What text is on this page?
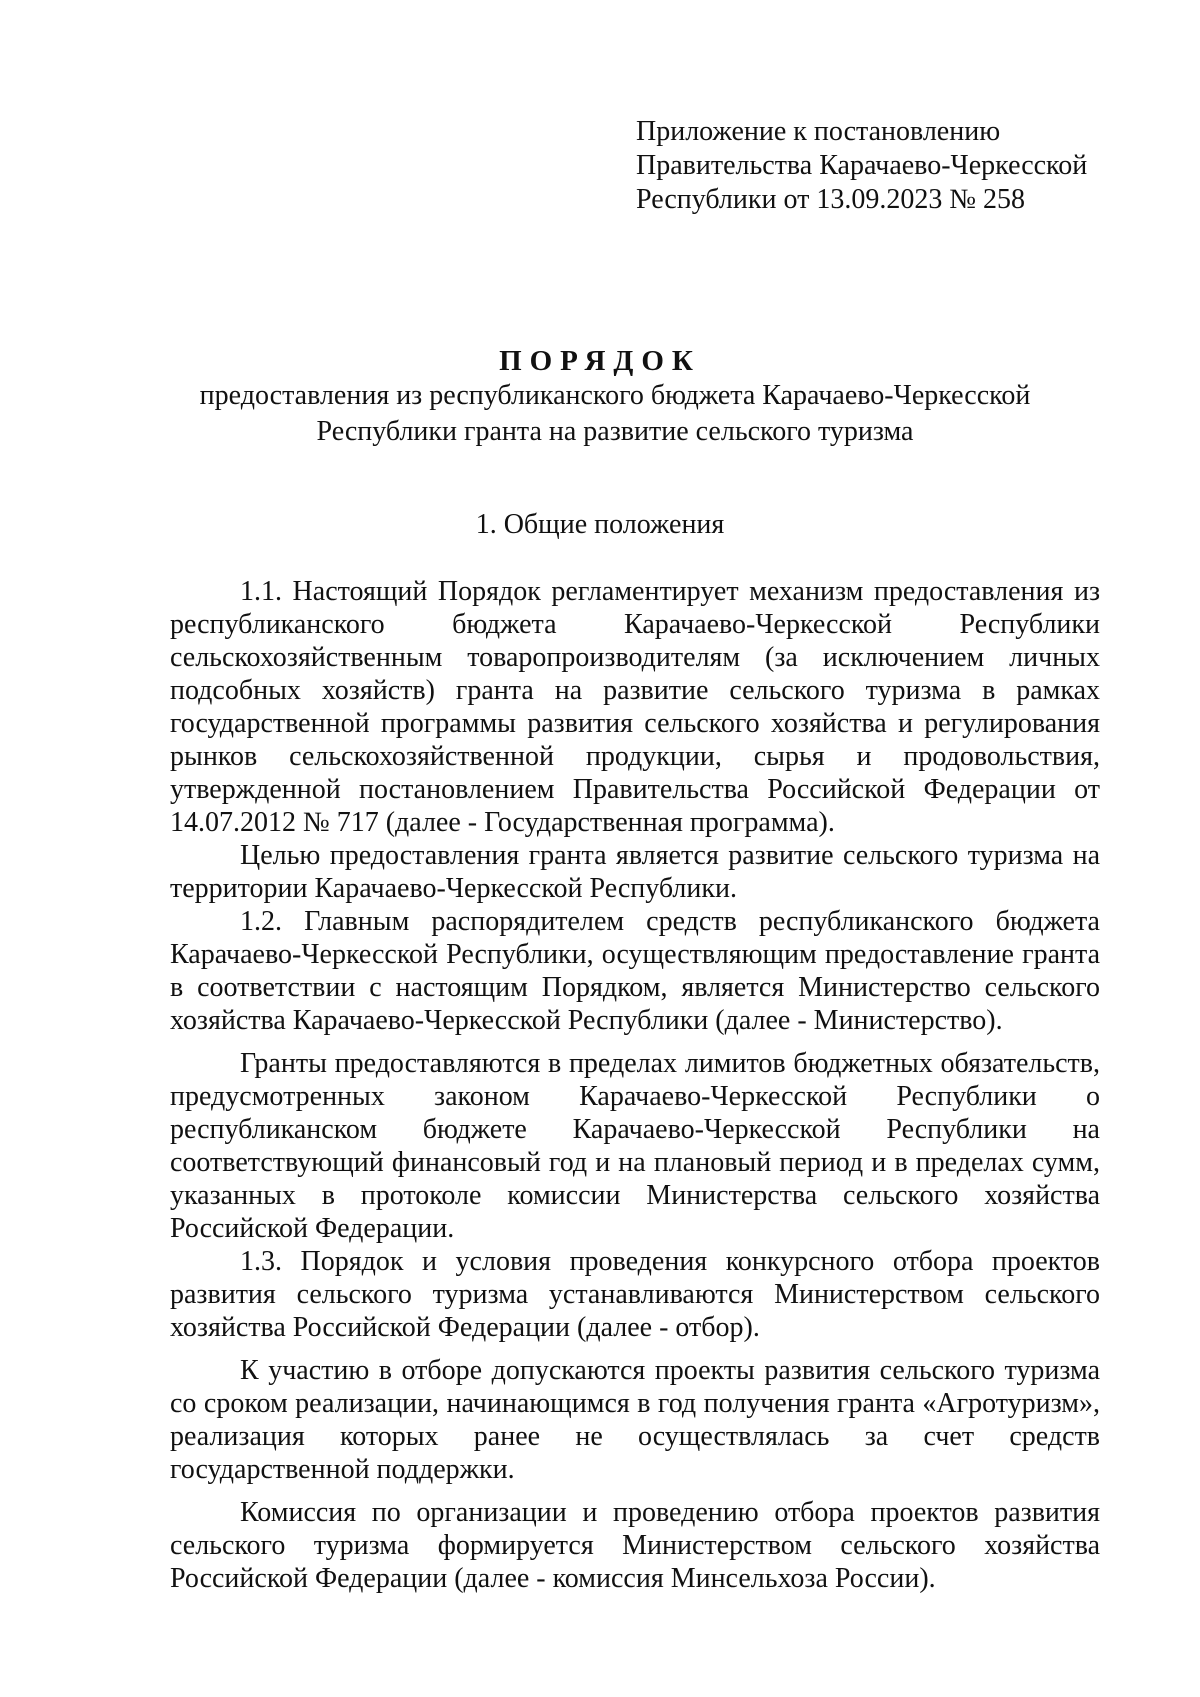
Приложение к постановлению
Правительства Карачаево-Черкесской
Республики от 13.09.2023 № 258
ПОРЯДОК
предоставления из республиканского бюджета Карачаево-Черкесской
Республики гранта на развитие сельского туризма
1. Общие положения

1.1. Настоящий Порядок регламентирует механизм предоставления из республиканского бюджета Карачаево-Черкесской Республики сельскохозяйственным товаропроизводителям (за исключением личных подсобных хозяйств) гранта на развитие сельского туризма в рамках государственной программы развития сельского хозяйства и регулирования рынков сельскохозяйственной продукции, сырья и продовольствия, утвержденной постановлением Правительства Российской Федерации от 14.07.2012 № 717 (далее - Государственная программа).

Целью предоставления гранта является развитие сельского туризма на территории Карачаево-Черкесской Республики.

1.2. Главным распорядителем средств республиканского бюджета Карачаево-Черкесской Республики, осуществляющим предоставление гранта в соответствии с настоящим Порядком, является Министерство сельского хозяйства Карачаево-Черкесской Республики (далее - Министерство).

Гранты предоставляются в пределах лимитов бюджетных обязательств, предусмотренных законом Карачаево-Черкесской Республики о республиканском бюджете Карачаево-Черкесской Республики на соответствующий финансовый год и на плановый период и в пределах сумм, указанных в протоколе комиссии Министерства сельского хозяйства Российской Федерации.

1.3. Порядок и условия проведения конкурсного отбора проектов развития сельского туризма устанавливаются Министерством сельского хозяйства Российской Федерации (далее - отбор).

К участию в отборе допускаются проекты развития сельского туризма со сроком реализации, начинающимся в год получения гранта «Агротуризм», реализация которых ранее не осуществлялась за счет средств государственной поддержки.

Комиссия по организации и проведению отбора проектов развития сельского туризма формируется Министерством сельского хозяйства Российской Федерации (далее - комиссия Минсельхоза России).
